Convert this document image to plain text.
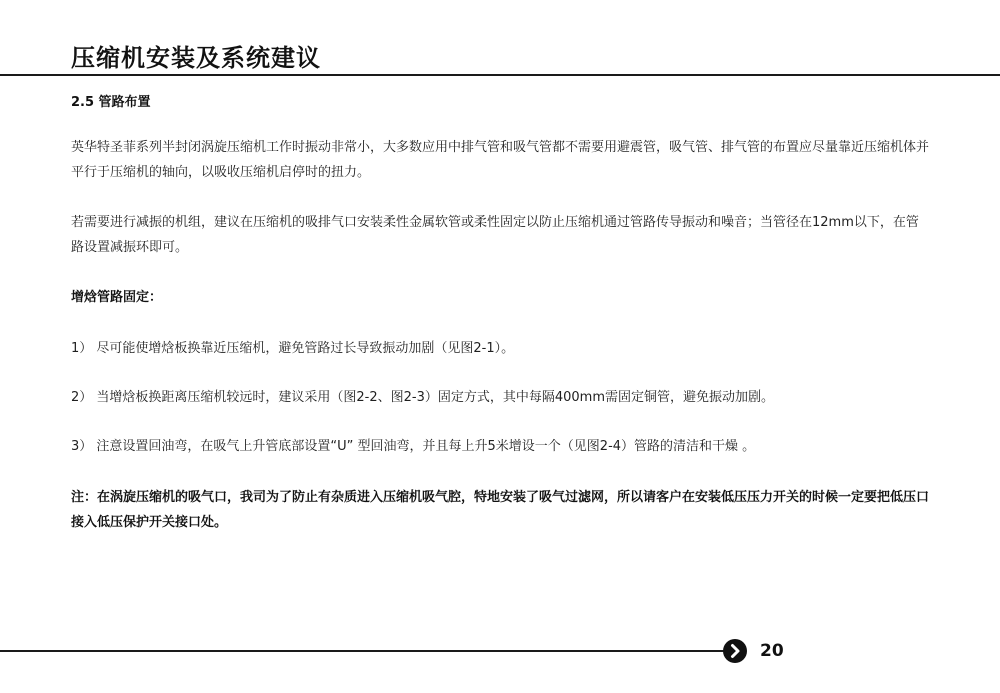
压缩机安装及系统建议
2.5 管路布置
英华特圣菲系列半封闭涡旋压缩机工作时振动非常小，大多数应用中排气管和吸气管都不需要用避震管，吸气管、排气管的布置应尽量靠近压缩机体并平行于压缩机的轴向，以吸收压缩机启停时的扭力。
若需要进行减振的机组，建议在压缩机的吸排气口安装柔性金属软管或柔性固定以防止压缩机通过管路传导振动和噪音；当管径在12mm以下，在管路设置减振环即可。
增焓管路固定：
1） 尽可能使增焓板换靠近压缩机，避免管路过长导致振动加剧（见图2-1）。
2） 当增焓板换距离压缩机较远时，建议采用（图2-2、图2-3）固定方式，其中每隔400mm需固定铜管，避免振动加剧。
3） 注意设置回油弯，在吸气上升管底部设置“U” 型回油弯，并且每上升5米增设一个（见图2-4）管路的清洁和干燥 。
注：在涡旋压缩机的吸气口，我司为了防止有杂质进入压缩机吸气腔，特地安装了吸气过滤网，所以请客户在安装低压压力开关的时候一定要把低压口接入低压保护开关接口处。
20
